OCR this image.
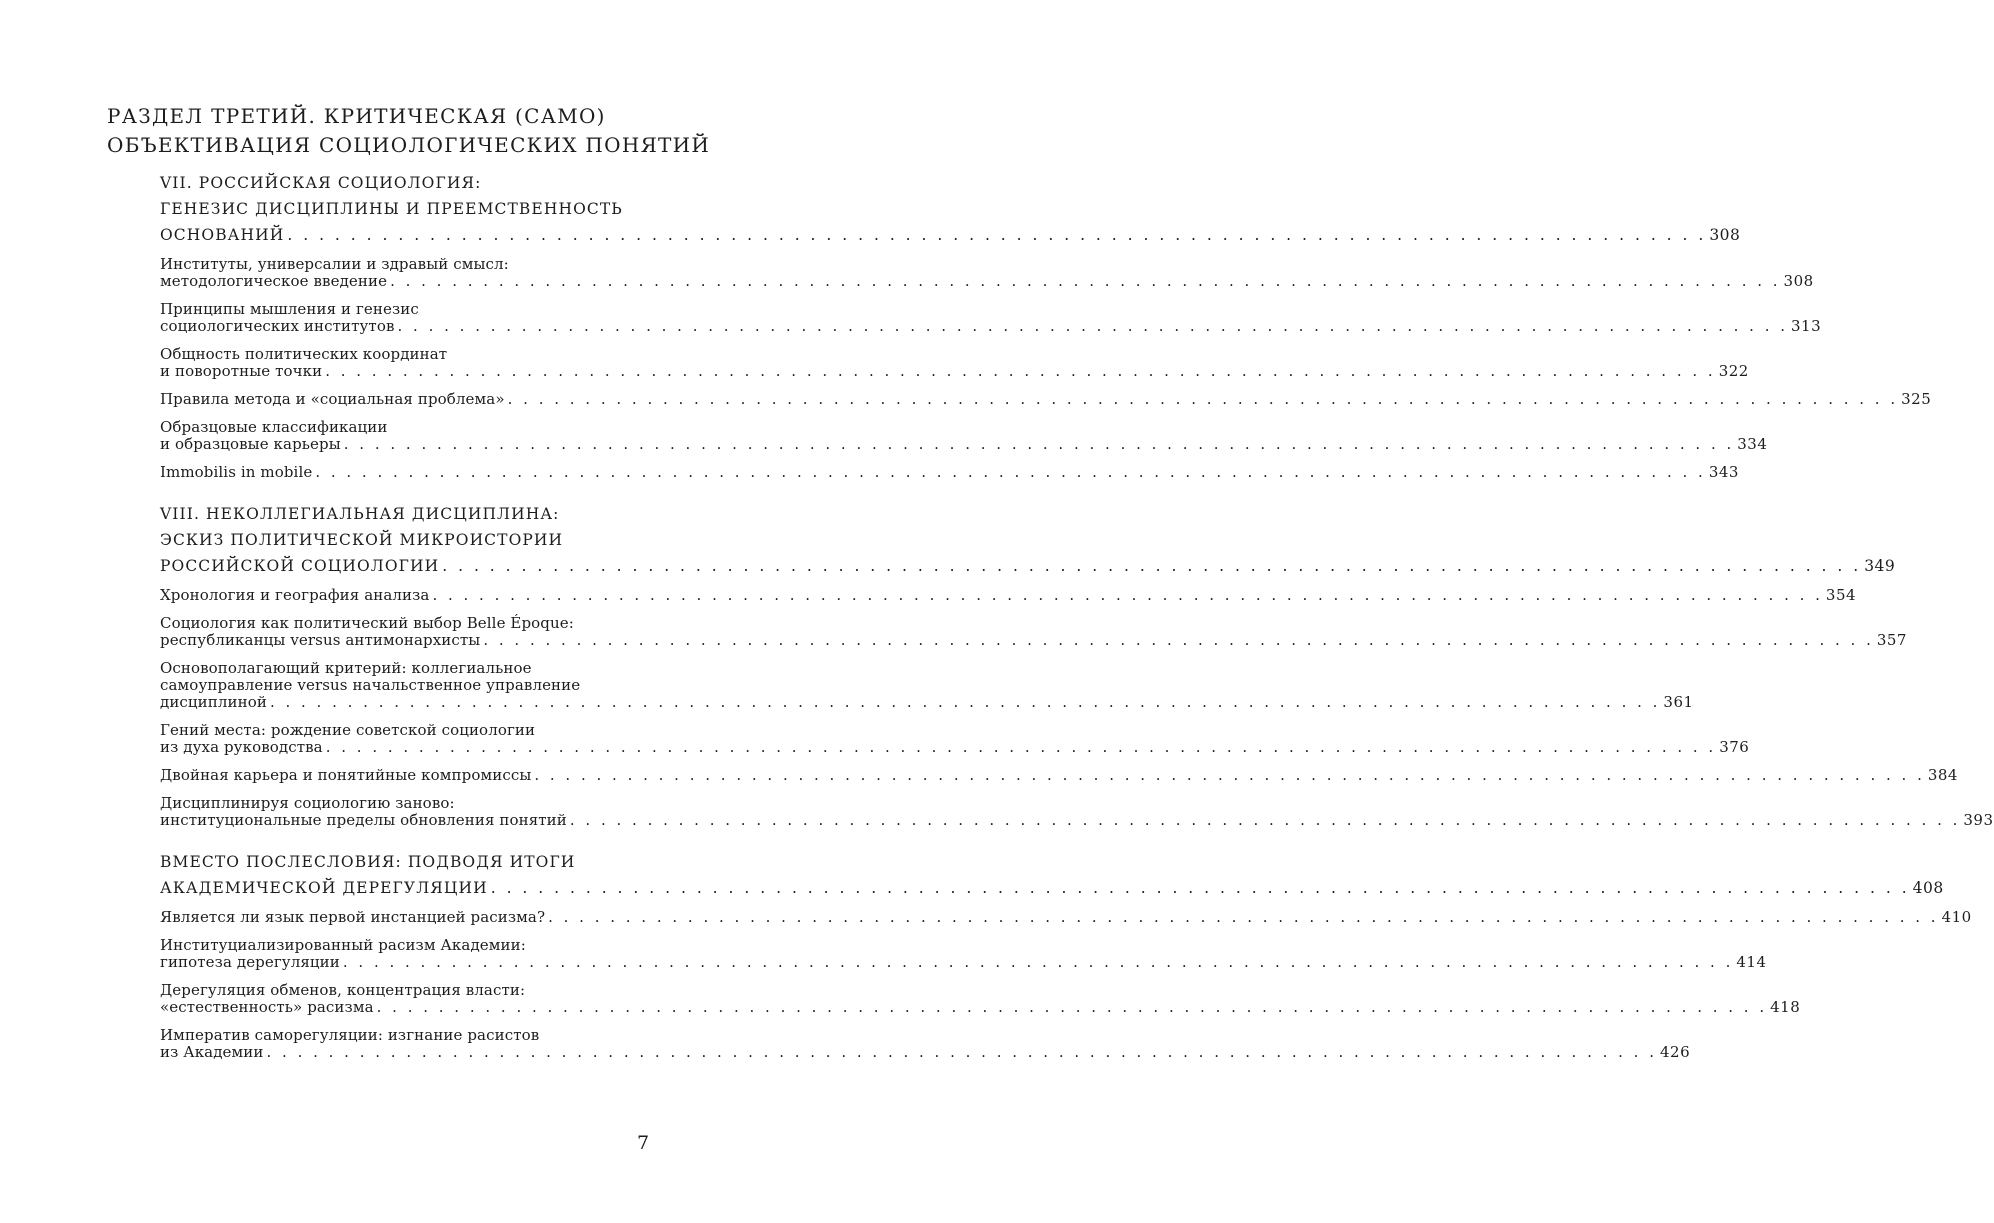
РАЗДЕЛ ТРЕТИЙ. КРИТИЧЕСКАЯ (САМО)
ОБЪЕКТИВАЦИЯ СОЦИОЛОГИЧЕСКИХ ПОНЯТИЙ
VII. РОССИЙСКАЯ СОЦИОЛОГИЯ:
ГЕНЕЗИС ДИСЦИПЛИНЫ И ПРЕЕМСТВЕННОСТЬ
ОСНОВАНИЙ . . . . . . . . . . . . . . . . . . . . . . . . . . . . . . . . . . . . . . . . . . . . . . . . . . . . . . . . . . . . . . . . . . . . . . . . . . . . . . . . . . . . . . . . . . 308
Институты, универсалии и здравый смысл:
методологическое введение . . . . . . . . . . . . . . . . . . . . . . . . . . . . . . . . . . . . . . . . . . . . . . . . . . . . . . . . . . . . . . . . . . . . . . . . . . . . . . . . . . . . . . . . . . 308
Принципы мышления и генезис
социологических институтов . . . . . . . . . . . . . . . . . . . . . . . . . . . . . . . . . . . . . . . . . . . . . . . . . . . . . . . . . . . . . . . . . . . . . . . . . . . . . . . . . . . . . . . . . . 313
Общность политических координат
и поворотные точки . . . . . . . . . . . . . . . . . . . . . . . . . . . . . . . . . . . . . . . . . . . . . . . . . . . . . . . . . . . . . . . . . . . . . . . . . . . . . . . . . . . . . . . . . . 322
Правила метода и «социальная проблема» . . . . . . . . . . . . . . . . . . . . . . . . . . . . . . . . . . . . . . . . . . . . . . . . . . . . . . . . . . . . . . . . . . . . . . . . . . . . . . . . . . . . . . . . . . 325
Образцовые классификации
и образцовые карьеры . . . . . . . . . . . . . . . . . . . . . . . . . . . . . . . . . . . . . . . . . . . . . . . . . . . . . . . . . . . . . . . . . . . . . . . . . . . . . . . . . . . . . . . . . . 334
Immobilis in mobile . . . . . . . . . . . . . . . . . . . . . . . . . . . . . . . . . . . . . . . . . . . . . . . . . . . . . . . . . . . . . . . . . . . . . . . . . . . . . . . . . . . . . . . . . . 343
VIII. НЕКОЛЛЕГИАЛЬНАЯ ДИСЦИПЛИНА:
ЭСКИЗ ПОЛИТИЧЕСКОЙ МИКРОИСТОРИИ
РОССИЙСКОЙ СОЦИОЛОГИИ . . . . . . . . . . . . . . . . . . . . . . . . . . . . . . . . . . . . . . . . . . . . . . . . . . . . . . . . . . . . . . . . . . . . . . . . . . . . . . . . . . . . . . . . . . 349
Хронология и география анализа . . . . . . . . . . . . . . . . . . . . . . . . . . . . . . . . . . . . . . . . . . . . . . . . . . . . . . . . . . . . . . . . . . . . . . . . . . . . . . . . . . . . . . . . . . 354
Социология как политический выбор Belle Époque:
республиканцы versus антимонархисты . . . . . . . . . . . . . . . . . . . . . . . . . . . . . . . . . . . . . . . . . . . . . . . . . . . . . . . . . . . . . . . . . . . . . . . . . . . . . . . . . . . . . . . . . . 357
Основополагающий критерий: коллегиальное
самоуправление versus начальственное управление
дисциплиной . . . . . . . . . . . . . . . . . . . . . . . . . . . . . . . . . . . . . . . . . . . . . . . . . . . . . . . . . . . . . . . . . . . . . . . . . . . . . . . . . . . . . . . . . . 361
Гений места: рождение советской социологии
из духа руководства . . . . . . . . . . . . . . . . . . . . . . . . . . . . . . . . . . . . . . . . . . . . . . . . . . . . . . . . . . . . . . . . . . . . . . . . . . . . . . . . . . . . . . . . . . 376
Двойная карьера и понятийные компромиссы . . . . . . . . . . . . . . . . . . . . . . . . . . . . . . . . . . . . . . . . . . . . . . . . . . . . . . . . . . . . . . . . . . . . . . . . . . . . . . . . . . . . . . . . . . 384
Дисциплинируя социологию заново:
институциональные пределы обновления понятий . . . . . . . . . . . . . . . . . . . . . . . . . . . . . . . . . . . . . . . . . . . . . . . . . . . . . . . . . . . . . . . . . . . . . . . . . . . . . . . . . . . . . . . . . . 393
ВМЕСТО ПОСЛЕСЛОВИЯ: ПОДВОДЯ ИТОГИ
АКАДЕМИЧЕСКОЙ ДЕРЕГУЛЯЦИИ . . . . . . . . . . . . . . . . . . . . . . . . . . . . . . . . . . . . . . . . . . . . . . . . . . . . . . . . . . . . . . . . . . . . . . . . . . . . . . . . . . . . . . . . . . 408
Является ли язык первой инстанцией расизма? . . . . . . . . . . . . . . . . . . . . . . . . . . . . . . . . . . . . . . . . . . . . . . . . . . . . . . . . . . . . . . . . . . . . . . . . . . . . . . . . . . . . . . . . . . 410
Институциализированный расизм Академии:
гипотеза дерегуляции . . . . . . . . . . . . . . . . . . . . . . . . . . . . . . . . . . . . . . . . . . . . . . . . . . . . . . . . . . . . . . . . . . . . . . . . . . . . . . . . . . . . . . . . . . 414
Дерегуляция обменов, концентрация власти:
«естественность» расизма . . . . . . . . . . . . . . . . . . . . . . . . . . . . . . . . . . . . . . . . . . . . . . . . . . . . . . . . . . . . . . . . . . . . . . . . . . . . . . . . . . . . . . . . . . 418
Императив саморегуляции: изгнание расистов
из Академии . . . . . . . . . . . . . . . . . . . . . . . . . . . . . . . . . . . . . . . . . . . . . . . . . . . . . . . . . . . . . . . . . . . . . . . . . . . . . . . . . . . . . . . . . . 426
7
